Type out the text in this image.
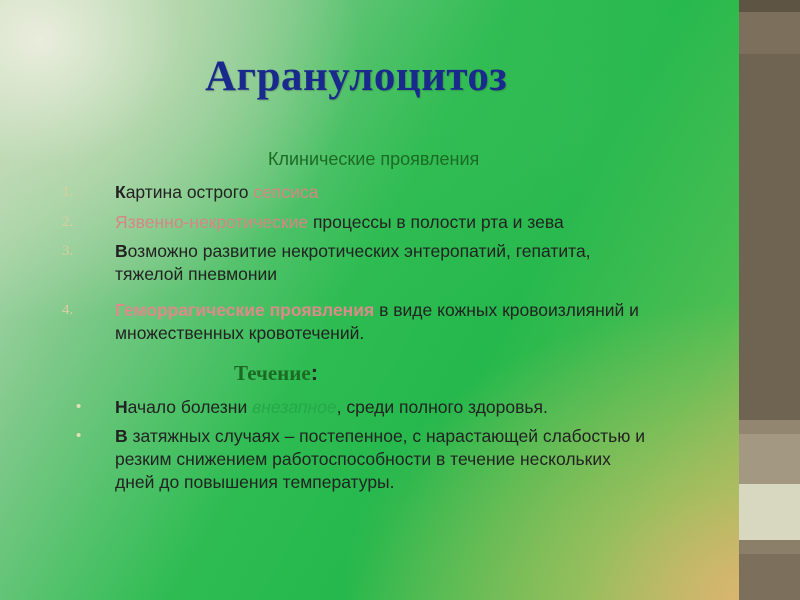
Агранулоцитоз
Клинические проявления
1. Картина острого сепсиса
2. Язвенно-некротические процессы в полости рта и зева
3. Возможно развитие некротических энтеропатий, гепатита,
тяжелой пневмонии
4. Геморрагические проявления в виде кожных кровоизлияний и
множественных кровотечений.
Течение:
• Начало болезни внезапное, среди полного здоровья.
• В затяжных случаях – постепенное, с нарастающей слабостью и
резким снижением работоспособности в течение нескольких
дней до повышения температуры.
